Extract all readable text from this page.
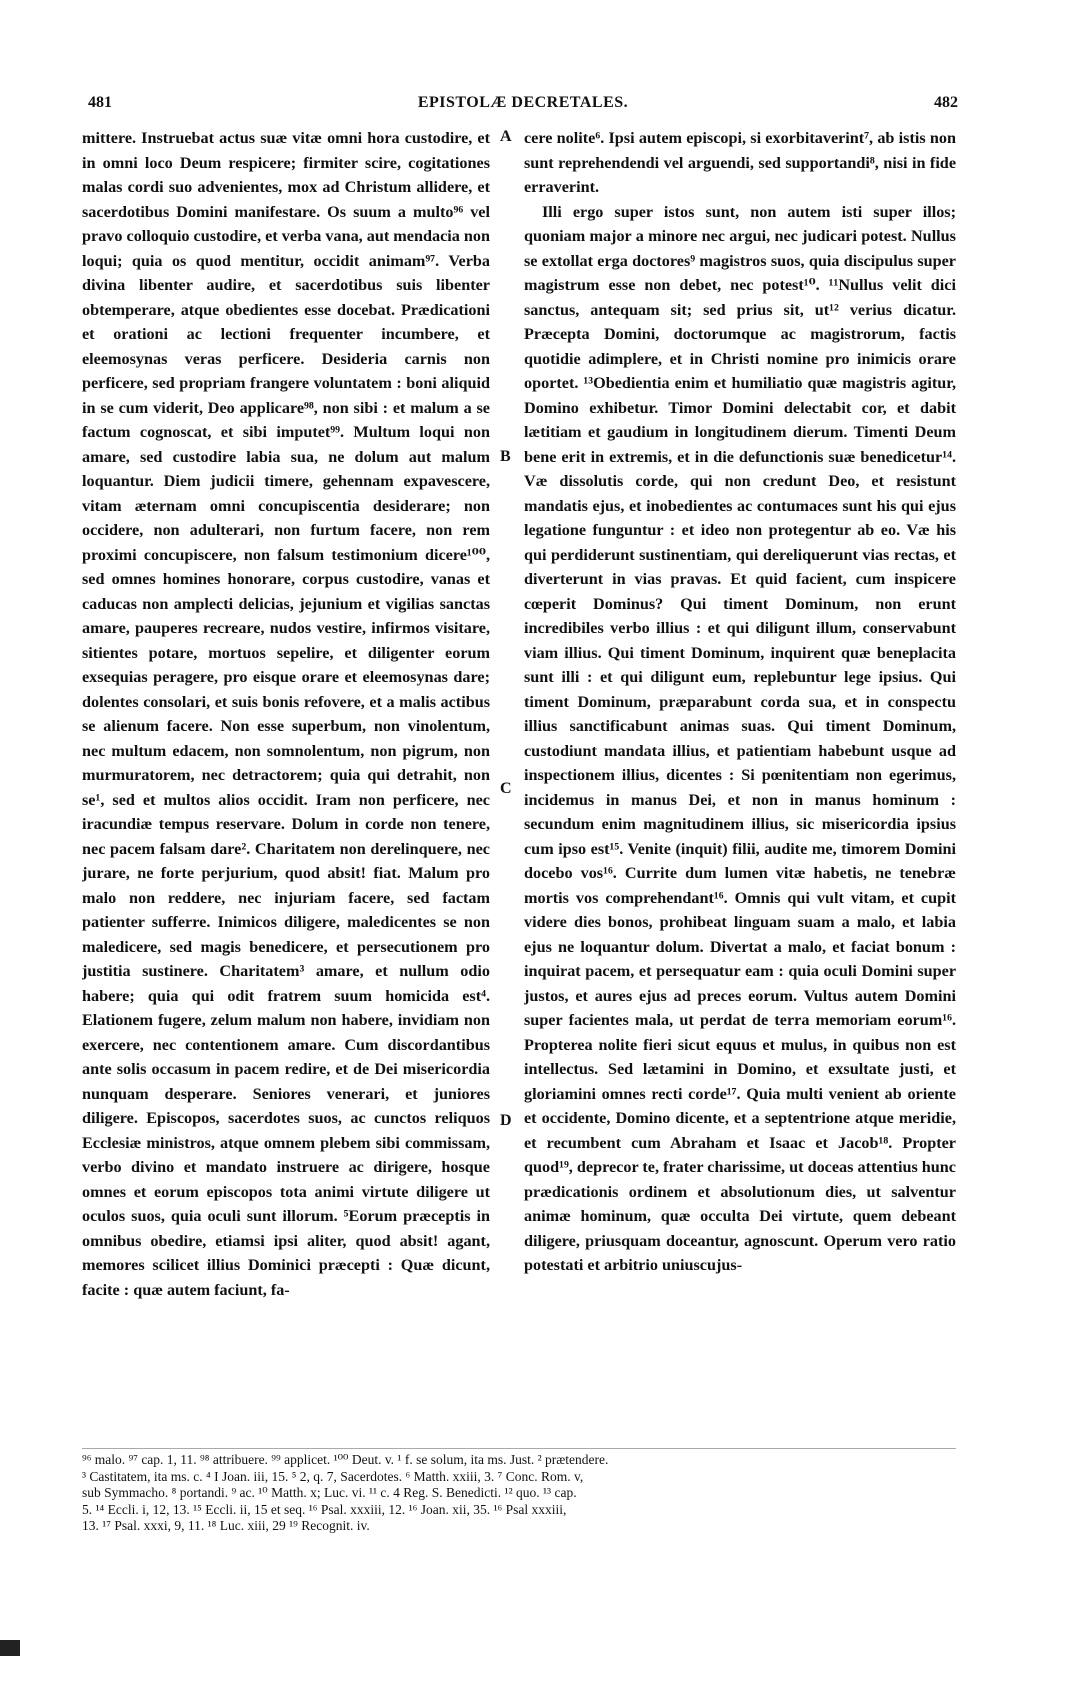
481	EPISTOLÆ DECRETALES.	482
A
B
C
D

mittere. Instruebat actus suæ vitæ omni hora custodire, et in omni loco Deum respicere; firmiter scire, cogitationes malas cordi suo advenientes, mox ad Christum allidere, et sacerdotibus Domini manifestare. Os suum a multo⁹⁶ vel pravo colloquio custodire, et verba vana, aut mendacia non loqui; quia os quod mentitur, occidit animam⁹⁷. Verba divina libenter audire, et sacerdotibus suis libenter obtemperare, atque obedientes esse docebat. Prædicationi et orationi ac lectioni frequenter incumbere, et eleemosynas veras perficere. Desideria carnis non perficere, sed propriam frangere voluntatem : boni aliquid in se cum viderit, Deo applicare⁹⁸, non sibi : et malum a se factum cognoscat, et sibi imputet⁹⁹. Multum loqui non amare, sed custodire labia sua, ne dolum aut malum loquantur. Diem judicii timere, gehennam expavescere, vitam æternam omni concupiscentia desiderare; non occidere, non adulterari, non furtum facere, non rem proximi concupiscere, non falsum testimonium dicere¹⁰⁰, sed omnes homines honorare, corpus custodire, vanas et caducas non amplecti delicias, jejunium et vigilias sanctas amare, pauperes recreare, nudos vestire, infirmos visitare, sitientes potare, mortuos sepelire, et diligenter eorum exsequias peragere, pro eisque orare et eleemosynas dare; dolentes consolari, et suis bonis refovere, et a malis actibus se alienum facere. Non esse superbum, non vinolentum, nec multum edacem, non somnolentum, non pigrum, non murmuratorem, nec detractorem; quia qui detrahit, non se¹, sed et multos alios occidit. Iram non perficere, nec iracundiæ tempus reservare. Dolum in corde non tenere, nec pacem falsam dare². Charitatem non derelinquere, nec jurare, ne forte perjurium, quod absit! fiat. Malum pro malo non reddere, nec injuriam facere, sed factam patienter sufferre. Inimicos diligere, maledicentes se non maledicere, sed magis benedicere, et persecutionem pro justitia sustinere. Charitatem³ amare, et nullum odio habere; quia qui odit fratrem suum homicida est⁴. Elationem fugere, zelum malum non habere, invidiam non exercere, nec contentionem amare. Cum discordantibus ante solis occasum in pacem redire, et de Dei misericordia nunquam desperare. Seniores venerari, et juniores diligere. Episcopos, sacerdotes suos, ac cunctos reliquos Ecclesiæ ministros, atque omnem plebem sibi commissam, verbo divino et mandato instruere ac dirigere, hosque omnes et eorum episcopos tota animi virtute diligere ut oculos suos, quia oculi sunt illorum. ⁵Eorum præceptis in omnibus obedire, etiamsi ipsi aliter, quod absit! agant, memores scilicet illius Dominici præcepti : Quæ dicunt, facite : quæ autem faciunt, fa-

cere nolite⁶. Ipsi autem episcopi, si exorbitaverint⁷, ab istis non sunt reprehendendi vel arguendi, sed supportandi⁸, nisi in fide erraverint.

Illi ergo super istos sunt, non autem isti super illos; quoniam major a minore nec argui, nec judicari potest. Nullus se extollat erga doctores⁹ magistros suos, quia discipulus super magistrum esse non debet, nec potest¹⁰. ¹¹Nullus velit dici sanctus, antequam sit; sed prius sit, ut¹² verius dicatur. Præcepta Domini, doctorumque ac magistrorum, factis quotidie adimplere, et in Christi nomine pro inimicis orare oportet. ¹³Obedientia enim et humiliatio quæ magistris agitur, Domino exhibetur. Timor Domini delectabit cor, et dabit lætitiam et gaudium in longitudinem dierum. Timenti Deum bene erit in extremis, et in die defunctionis suæ benedicetur¹⁴. Væ dissolutis corde, qui non credunt Deo, et resistunt mandatis ejus, et inobedientes ac contumaces sunt his qui ejus legatione funguntur : et ideo non protegentur ab eo. Væ his qui perdiderunt sustinentiam, qui dereliquerunt vias rectas, et diverterunt in vias pravas. Et quid facient, cum inspicere cœperit Dominus? Qui timent Dominum, non erunt incredibiles verbo illius : et qui diligunt illum, conservabunt viam illius. Qui timent Dominum, inquirent quæ beneplacita sunt illi : et qui diligunt eum, replebuntur lege ipsius. Qui timent Dominum, præparabunt corda sua, et in conspectu illius sanctificabunt animas suas. Qui timent Dominum, custodiunt mandata illius, et patientiam habebunt usque ad inspectionem illius, dicentes : Si pœnitentiam non egerimus, incidemus in manus Dei, et non in manus hominum : secundum enim magnitudinem illius, sic misericordia ipsius cum ipso est¹⁵. Venite (inquit) filii, audite me, timorem Domini docebo vos¹⁶. Currite dum lumen vitæ habetis, ne tenebræ mortis vos comprehendant¹⁶. Omnis qui vult vitam, et cupit videre dies bonos, prohibeat linguam suam a malo, et labia ejus ne loquantur dolum. Divertat a malo, et faciat bonum : inquirat pacem, et persequatur eam : quia oculi Domini super justos, et aures ejus ad preces eorum. Vultus autem Domini super facientes mala, ut perdat de terra memoriam eorum¹⁶. Propterea nolite fieri sicut equus et mulus, in quibus non est intellectus. Sed lætamini in Domino, et exsultate justi, et gloriamini omnes recti corde¹⁷. Quia multi venient ab oriente et occidente, Domino dicente, et a septentrione atque meridie, et recumbent cum Abraham et Isaac et Jacob¹⁸. Propter quod¹⁹, deprecor te, frater charissime, ut doceas attentius hunc prædicationis ordinem et absolutionum dies, ut salventur animæ hominum, quæ occulta Dei virtute, quem debeant diligere, priusquam doceantur, agnoscunt. Operum vero ratio potestati et arbitrio uniuscujus-

⁹⁶ malo. ⁹⁷ cap. 1, 11. ⁹⁸ attribuere. ⁹⁹ applicet. ¹⁰⁰ Deut. v. ¹ f. se solum, ita ms. Just. ² prætendere.

³ Castitatem, ita ms. c. ⁴ I Joan. iii, 15. ⁵ 2, q. 7, Sacerdotes. ⁶ Matth. xxiii, 3. ⁷ Conc. Rom. v,

sub Symmacho. ⁸ portandi. ⁹ ac. ¹⁰ Matth. x; Luc. vi. ¹¹ c. 4 Reg. S. Benedicti. ¹² quo. ¹³ cap.

5. ¹⁴ Eccli. i, 12, 13. ¹⁵ Eccli. ii, 15 et seq. ¹⁶ Psal. xxxiii, 12. ¹⁶ Joan. xii, 35. ¹⁶ Psal xxxiii,

13. ¹⁷ Psal. xxxi, 9, 11. ¹⁸ Luc. xiii, 29 ¹⁹ Recognit. iv.
